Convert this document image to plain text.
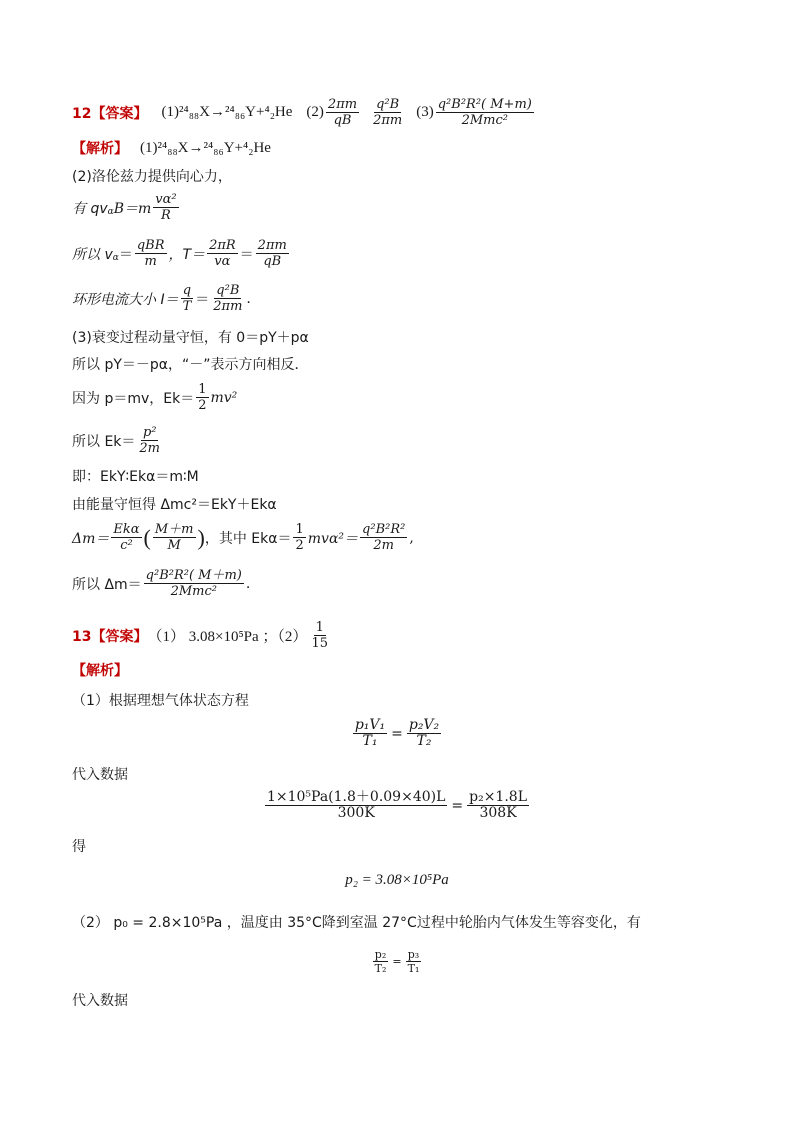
12【答案】 (1)²⁴₈₈X→²⁴₈₆Y+⁴₂He $(2) \frac{2\pi m}{qB} \frac{\text{q²B}}{2\pi m} (3) \frac{\text{q²B²R²( M+m)}}{\text{2Mmc²}}$
【解析】 (1)²⁴₈₈X→²⁴₈₆Y+⁴₂He
(2)洛伦兹力提供向心力，
有 qv α $B=m \frac{\text{vα²}}{R}$
所以 v $\alpha = \frac{\text{qBR}}{m}$ ，$T= \frac{2\pi R}{v\alpha} = \frac{2\pi m}{qB}$
环形电流大小 $I= \frac{q}{T} = \frac{\text{q²B}}{2\pi m}$ .
(3)衰变过程动量守恒，有 0＝pY＋pα
所以 pY＝－pα，“－”表示方向相反．
因为 p＝mv，$Ek= \frac{1}{2} mv^2$
所以 $Ek= \frac{\text{p²}}{2m}$
即：EkY∶Ekα＝m∶M
由能量守恒得 Δmc²＝EkY＋Ekα
$\Delta m= \frac{\text{Ekα}}{\text{c²}}$ ( $\frac{M+m}{M}$ ) ，其中 $Ek\alpha= \frac{1}{2} mv\alpha^2= \frac{\text{q²B²R²}}{2m}$ ,
所以 $\Delta m= \frac{\text{q²B²R²( M＋m)}}{\text{2Mmc²}}$ .
13【答案】 （1） 3.08×10⁵Pa ；$(2) \frac{1}{15}$
【解析】
（1）根据理想气体状态方程
$\frac{\text{p₁V₁}}{\text{T₁}} = \frac{\text{p₂V₂}}{\text{T₂}}$
代入数据
$\frac{\text{1×10⁵Pa(1.8＋0.09×40)L}}{300K} = \frac{\text{p₂×1.8L}}{308K}$
得
p₂ = 3.08×10⁵Pa
（2） p₀ = 2.8×10⁵Pa ，温度由 35°C降到室温 27°C过程中轮胎内气体发生等容变化，有
$\frac{\text{p₂}}{\text{T₂}} = \frac{\text{p₃}}{\text{T₁}}$
代入数据
